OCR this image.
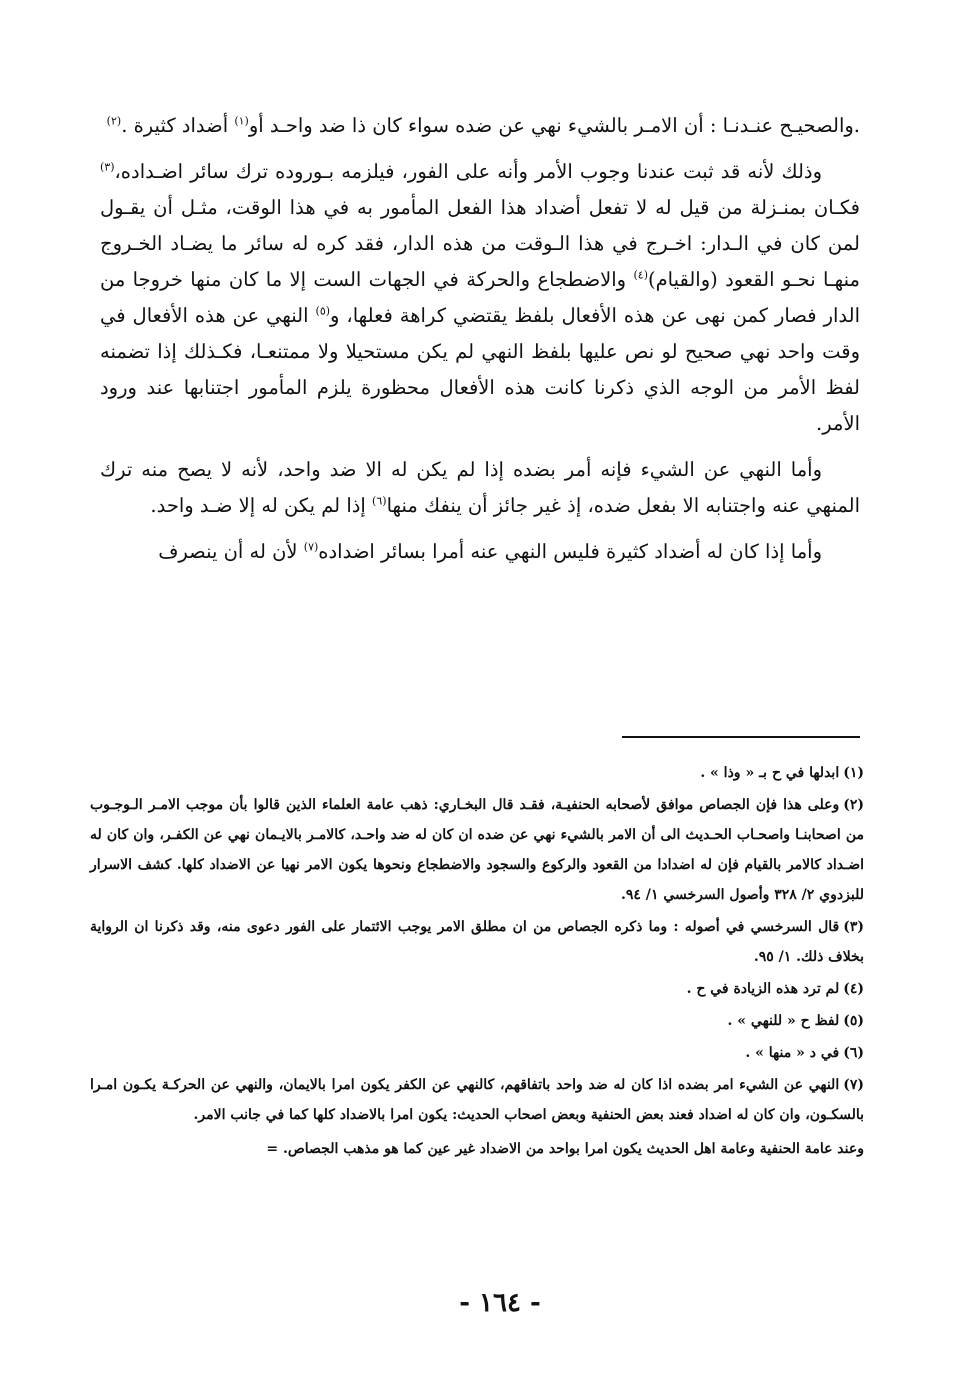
.والصحيـح عنـدنـا : أن الامـر بالشيء نهي عن ضده سواء كان ذا ضد واحـد أو$^{(١)}$ أضداد كثيرة .$^{(٢)}$

وذلك لأنه قد ثبت عندنا وجوب الأمر وأنه على الفور، فيلزمه بـوروده ترك سائر اضـداده،$^{(٣)}$ فكـان بمنـزلة من قيل له لا تفعل أضداد هذا الفعل المأمور به في هذا الوقت، مثـل أن يقـول لمن كان في الـدار: اخـرج في هذا الـوقت من هذه الدار، فقد كره له سائر ما يضـاد الخـروج منهـا نحـو القعود (والقيام)$^{(٤)}$ والاضطجاع والحركة في الجهات الست إلا ما كان منها خروجا من الدار فصار كمن نهى عن هذه الأفعال بلفظ يقتضي كراهة فعلها، و$^{(٥)}$ النهي عن هذه الأفعال في وقت واحد نهي صحيح لو نص عليها بلفظ النهي لم يكن مستحيلا ولا ممتنعـا، فكـذلك إذا تضمنه لفظ الأمر من الوجه الذي ذكرنا كانت هذه الأفعال محظورة يلزم المأمور اجتنابها عند ورود الأمر.

وأما النهي عن الشيء فإنه أمر بضده إذا لم يكن له الا ضد واحد، لأنه لا يصح منه ترك المنهي عنه واجتنابه الا بفعل ضده، إذ غير جائز أن ينفك منها$^{(٦)}$ إذا لم يكن له إلا ضـد واحد.

وأما إذا كان له أضداد كثيرة فليس النهي عنه أمرا بسائر اضداده$^{(٧)}$ لأن له أن ينصرف

(١)ابدلها في ح بـ « وذا » .

(٢)وعلى هذا فإن الجصاص موافق لأصحابه الحنفيـة، فقـد قال البخـاري: ذهب عامة العلماء الذين قالوا بأن موجب الامـر الـوجـوب من اصحابنـا واصحـاب الحـديث الى أن الامر بالشيء نهي عن ضده ان كان له ضد واحـد، كالامـر بالايـمان نهي عن الكفـر، وان كان له اضـداد كالامر بالقيام فإن له اضدادا من القعود والركوع والسجود والاضطجاع ونحوها يكون الامر نهيا عن الاضداد كلها. كشف الاسرار للبزدوي ٢/ ٣٢٨ وأصول السرخسي ١/ ٩٤.

(٣)قال السرخسي في أصوله : وما ذكره الجصاص من ان مطلق الامر يوجب الائتمار على الفور دعوى منه، وقد ذكرنا ان الرواية بخلاف ذلك. ١/ ٩٥.

(٤)لم ترد هذه الزيادة في ح .

(٥)لفظ ح « للنهي » .

(٦)في د « منها » .

(٧)النهي عن الشيء امر بضده اذا كان له ضد واحد باتفاقهم، كالنهي عن الكفر يكون امرا بالايمان، والنهي عن الحركـة يكـون امـرا بالسكـون، وان كان له اضداد فعند بعض الحنفية وبعض اصحاب الحديث: يكون امرا بالاضداد كلها كما في جانب الامر.

وعند عامة الحنفية وعامة اهل الحديث يكون امرا بواحد من الاضداد غير عين كما هو مذهب الجصاص. =

- ١٦٤ -
